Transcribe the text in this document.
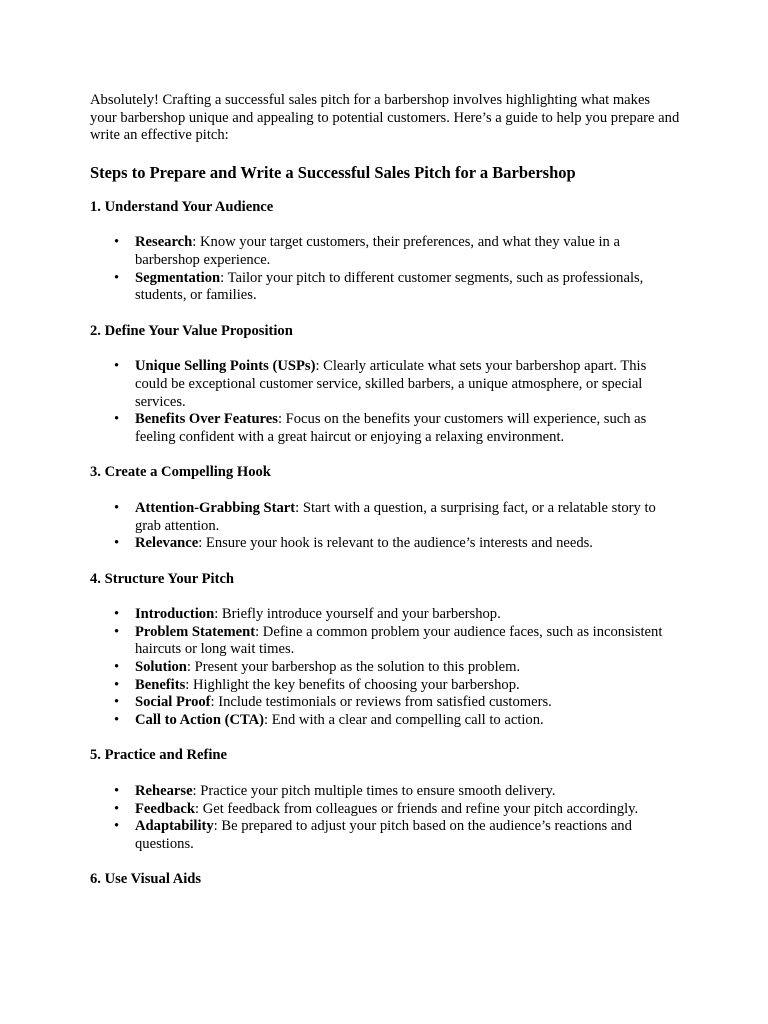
Absolutely! Crafting a successful sales pitch for a barbershop involves highlighting what makes your barbershop unique and appealing to potential customers. Here’s a guide to help you prepare and write an effective pitch:

Steps to Prepare and Write a Successful Sales Pitch for a Barbershop
1. Understand Your Audience
• Research: Know your target customers, their preferences, and what they value in a barbershop experience.
• Segmentation: Tailor your pitch to different customer segments, such as professionals, students, or families.
2. Define Your Value Proposition
• Unique Selling Points (USPs): Clearly articulate what sets your barbershop apart. This could be exceptional customer service, skilled barbers, a unique atmosphere, or special services.
• Benefits Over Features: Focus on the benefits your customers will experience, such as feeling confident with a great haircut or enjoying a relaxing environment.
3. Create a Compelling Hook
• Attention-Grabbing Start: Start with a question, a surprising fact, or a relatable story to grab attention.
• Relevance: Ensure your hook is relevant to the audience’s interests and needs.
4. Structure Your Pitch
• Introduction: Briefly introduce yourself and your barbershop.
• Problem Statement: Define a common problem your audience faces, such as inconsistent haircuts or long wait times.
• Solution: Present your barbershop as the solution to this problem.
• Benefits: Highlight the key benefits of choosing your barbershop.
• Social Proof: Include testimonials or reviews from satisfied customers.
• Call to Action (CTA): End with a clear and compelling call to action.
5. Practice and Refine
• Rehearse: Practice your pitch multiple times to ensure smooth delivery.
• Feedback: Get feedback from colleagues or friends and refine your pitch accordingly.
• Adaptability: Be prepared to adjust your pitch based on the audience’s reactions and questions.
6. Use Visual Aids
